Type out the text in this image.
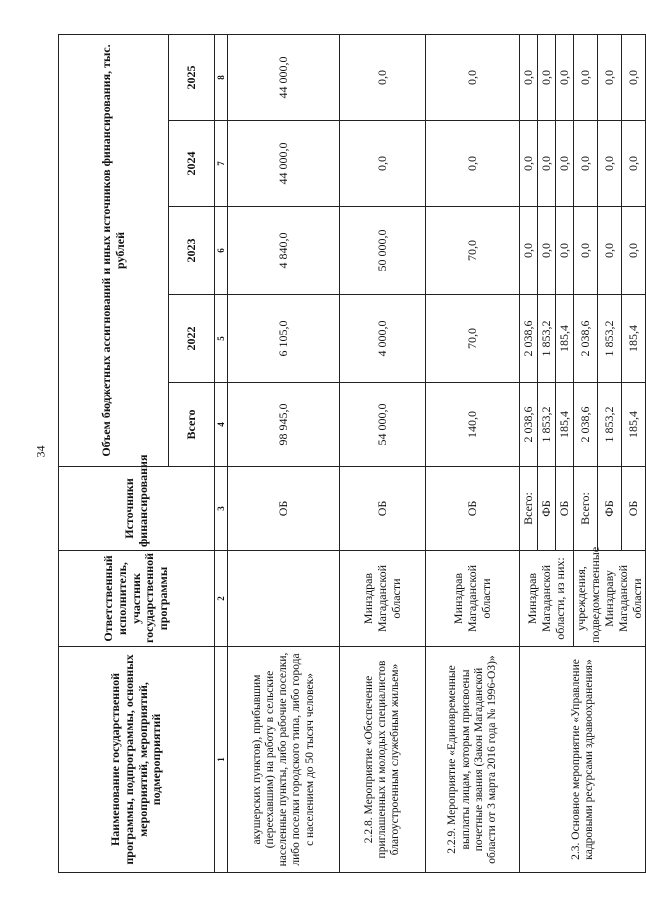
34
Наименование государственной программы, подпрограммы, основных мероприятий, мероприятий, подмероприятий	Ответственный исполнитель, участник государственной программы	Источники финансирования	Объем бюджетных ассигнований и иных источников финансирования, тыс. рублей				
			Всего	2022	2023	2024	2025
1	2	3	4	5	6	7	8
акушерских пунктов), прибывшим (переехавшим) на работу в сельские населенные пункты, либо рабочие поселки, либо поселки городского типа, либо города с населением до 50 тысяч человек»		ОБ	98 945,0	6 105,0	4 840,0	44 000,0	44 000,0
2.2.8. Мероприятие «Обеспечение приглашенных и молодых специалистов благоустроенным служебным жильем»	Минздрав Магаданской области	ОБ	54 000,0	4 000,0	50 000,0	0,0	0,0
2.2.9. Мероприятие «Единовременные выплаты лицам, которым присвоены почетные звания (Закон Магаданской области от 3 марта 2016 года № 1996-ОЗ)»	Минздрав Магаданской области	ОБ	140,0	70,0	70,0	0,0	0,0
2.3. Основное мероприятие «Управление кадровыми ресурсами здравоохранения»	Минздрав Магаданской области, из них:	Всего:	2 038,6	2 038,6	0,0	0,0	0,0
		ФБ	1 853,2	1 853,2	0,0	0,0	0,0
		ОБ	185,4	185,4	0,0	0,0	0,0
	учреждения, подведомственные Минздраву Магаданской области	Всего:	2 038,6	2 038,6	0,0	0,0	0,0
		ФБ	1 853,2	1 853,2	0,0	0,0	0,0
		ОБ	185,4	185,4	0,0	0,0	0,0
